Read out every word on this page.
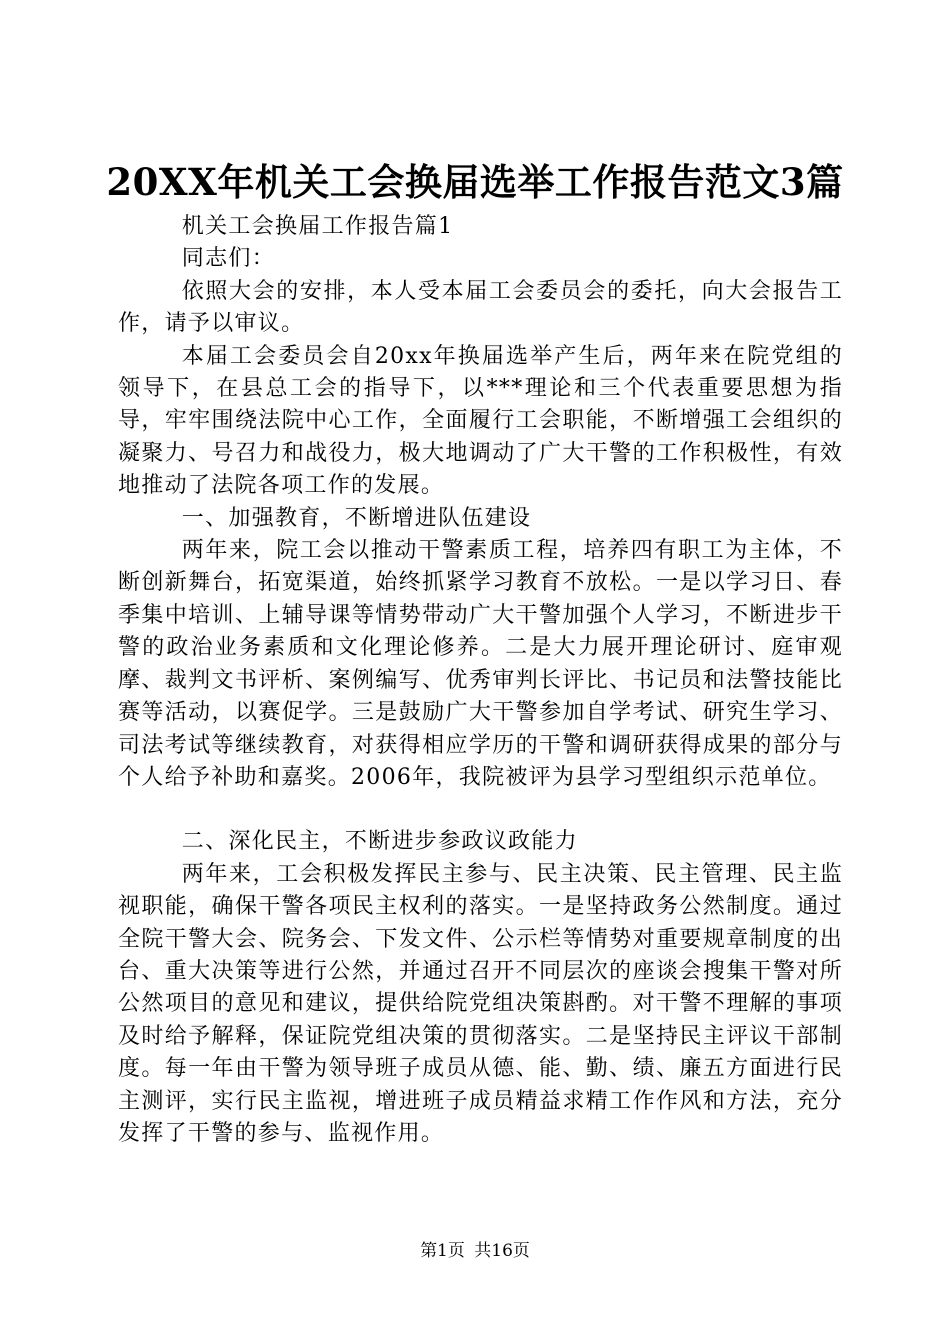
20XX年机关工会换届选举工作报告范文3篇

机关工会换届工作报告篇1

同志们：

依照大会的安排，本人受本届工会委员会的委托，向大会报告工作，请予以审议。

本届工会委员会自20xx年换届选举产生后，两年来在院党组的领导下，在县总工会的指导下，以***理论和三个代表重要思想为指导，牢牢围绕法院中心工作，全面履行工会职能，不断增强工会组织的凝聚力、号召力和战役力，极大地调动了广大干警的工作积极性，有效地推动了法院各项工作的发展。

一、加强教育，不断增进队伍建设

两年来，院工会以推动干警素质工程，培养四有职工为主体，不断创新舞台，拓宽渠道，始终抓紧学习教育不放松。一是以学习日、春季集中培训、上辅导课等情势带动广大干警加强个人学习，不断进步干警的政治业务素质和文化理论修养。二是大力展开理论研讨、庭审观摩、裁判文书评析、案例编写、优秀审判长评比、书记员和法警技能比赛等活动，以赛促学。三是鼓励广大干警参加自学考试、研究生学习、司法考试等继续教育，对获得相应学历的干警和调研获得成果的部分与个人给予补助和嘉奖。2006年，我院被评为县学习型组织示范单位。

二、深化民主，不断进步参政议政能力

两年来，工会积极发挥民主参与、民主决策、民主管理、民主监视职能，确保干警各项民主权利的落实。一是坚持政务公然制度。通过全院干警大会、院务会、下发文件、公示栏等情势对重要规章制度的出台、重大决策等进行公然，并通过召开不同层次的座谈会搜集干警对所公然项目的意见和建议，提供给院党组决策斟酌。对干警不理解的事项及时给予解释，保证院党组决策的贯彻落实。二是坚持民主评议干部制度。每一年由干警为领导班子成员从德、能、勤、绩、廉五方面进行民主测评，实行民主监视，增进班子成员精益求精工作作风和方法，充分发挥了干警的参与、监视作用。

第1页 共16页
